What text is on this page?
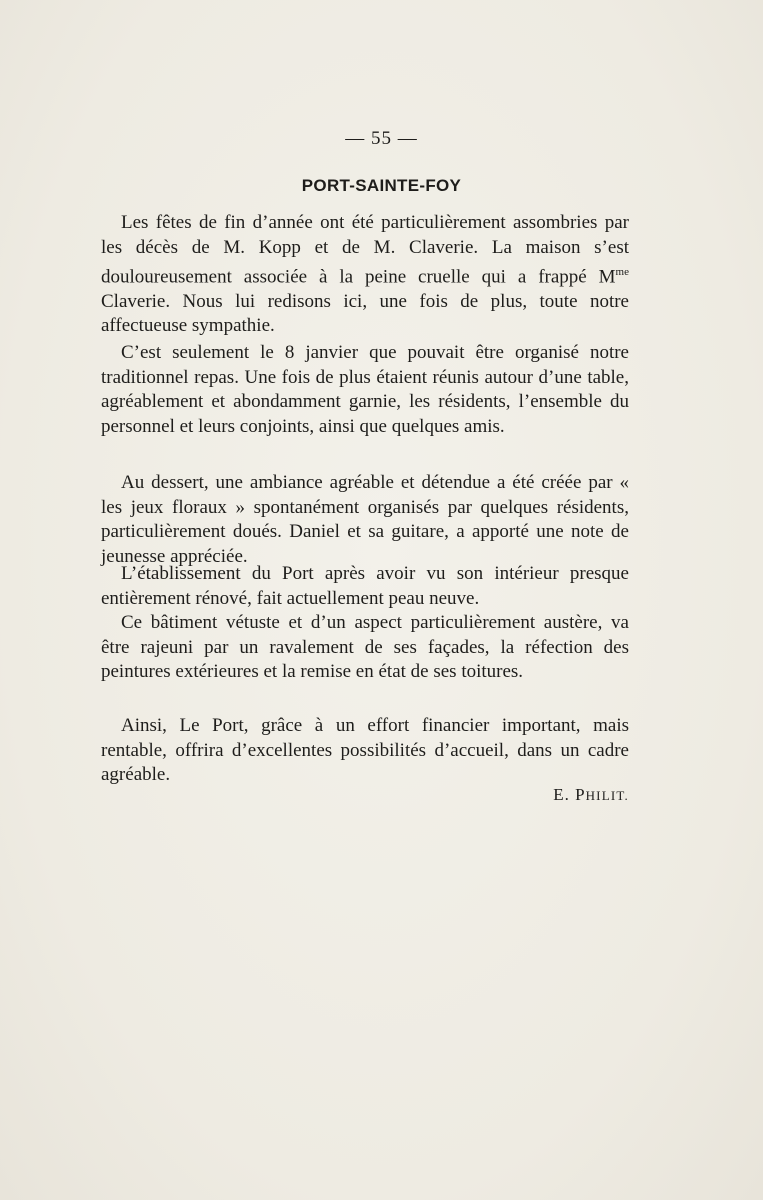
— 55 —
PORT-SAINTE-FOY

Les fêtes de fin d’année ont été particulièrement assombries par les décès de M. Kopp et de M. Claverie. La maison s’est douloureusement associée à la peine cruelle qui a frappé $M^{me}$ Claverie. Nous lui redisons ici, une fois de plus, toute notre affectueuse sympathie.

C’est seulement le 8 janvier que pouvait être organisé notre traditionnel repas. Une fois de plus étaient réunis autour d’une table, agréablement et abondamment garnie, les résidents, l’ensemble du personnel et leurs conjoints, ainsi que quelques amis.

Au dessert, une ambiance agréable et détendue a été créée par « les jeux floraux » spontanément organisés par quelques résidents, particulièrement doués. Daniel et sa guitare, a apporté une note de jeunesse appréciée.

L’établissement du Port après avoir vu son intérieur presque entièrement rénové, fait actuellement peau neuve.

Ce bâtiment vétuste et d’un aspect particulièrement austère, va être rajeuni par un ravalement de ses façades, la réfection des peintures extérieures et la remise en état de ses toitures.

Ainsi, Le Port, grâce à un effort financier important, mais rentable, offrira d’excellentes possibilités d’accueil, dans un cadre agréable.

E. PHILIT.
